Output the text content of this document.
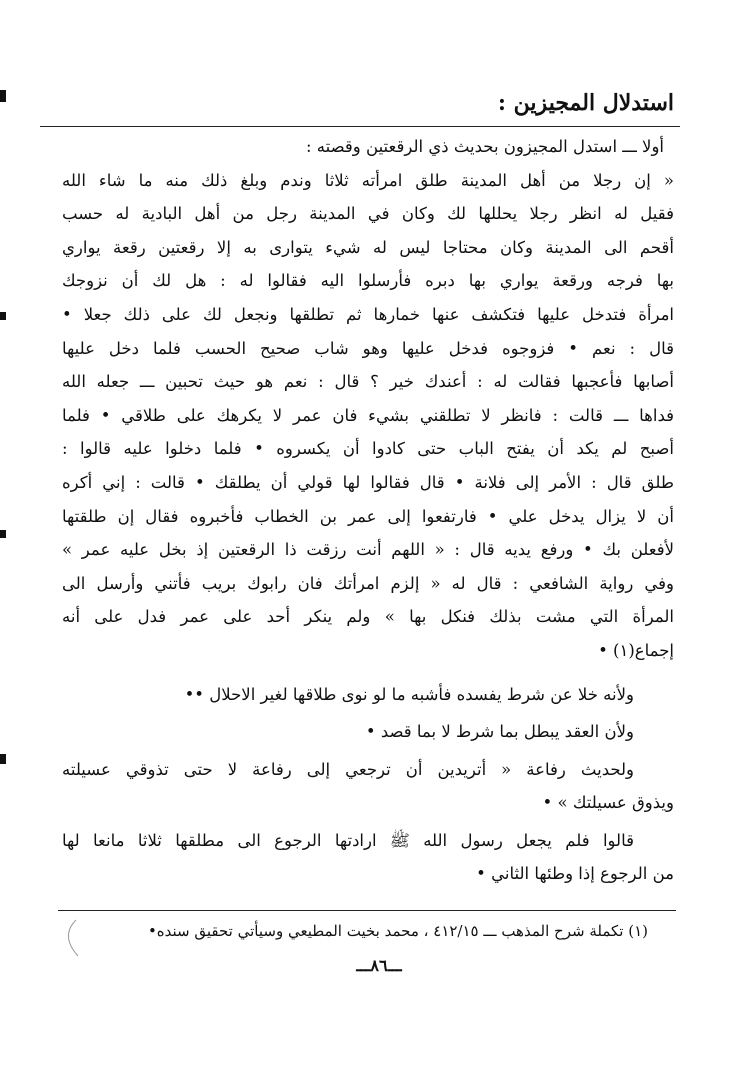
استدلال المجيزين :
أولا ـــ استدل المجيزون بحديث ذي الرقعتين وقصته :
« إن رجلا من أهل المدينة طلق امرأته ثلاثا وندم وبلغ ذلك منه ما شاء الله
فقيل له انظر رجلا يحللها لك وكان في المدينة رجل من أهل البادية له حسب
أقحم الى المدينة وكان محتاجا ليس له شيء يتوارى به إلا رقعتين رقعة يواري
بها فرجه ورقعة يواري بها دبره فأرسلوا اليه فقالوا له : هل لك أن نزوجك
امرأة فتدخل عليها فتكشف عنها خمارها ثم تطلقها ونجعل لك على ذلك جعلا •
قال : نعم • فزوجوه فدخل عليها وهو شاب صحيح الحسب فلما دخل عليها
أصابها فأعجبها فقالت له : أعندك خير ؟ قال : نعم هو حيث تحبين ـــ جعله الله
فداها ـــ قالت : فانظر لا تطلقني بشيء فان عمر لا يكرهك على طلاقي • فلما
أصبح لم يكد أن يفتح الباب حتى كادوا أن يكسروه • فلما دخلوا عليه قالوا :
طلق قال : الأمر إلى فلانة • قال فقالوا لها قولي أن يطلقك • قالت : إني أكره
أن لا يزال يدخل علي • فارتفعوا إلى عمر بن الخطاب فأخبروه فقال إن طلقتها
لأفعلن بك • ورفع يديه قال : « اللهم أنت رزقت ذا الرقعتين إذ بخل عليه عمر »
وفي رواية الشافعي : قال له « إلزم امرأتك فان رابوك بريب فأتني وأرسل الى
المرأة التي مشت بذلك فنكل بها » ولم ينكر أحد على عمر فدل على أنه
إجماع(١) •
ولأنه خلا عن شرط يفسده فأشبه ما لو نوى طلاقها لغير الاحلال ••
ولأن العقد يبطل بما شرط لا بما قصد •
ولحديث رفاعة « أتريدين أن ترجعي إلى رفاعة لا حتى تذوقي عسيلته
ويذوق عسيلتك » •
قالوا فلم يجعل رسول الله ﷺ ارادتها الرجوع الى مطلقها ثلاثا مانعا لها
من الرجوع إذا وطئها الثاني •
(١) تكملة شرح المذهب ـــ ٤١٢/١٥ ، محمد بخيت المطيعي وسيأتي تحقيق سنده•
ـــ٨٦ـــ
